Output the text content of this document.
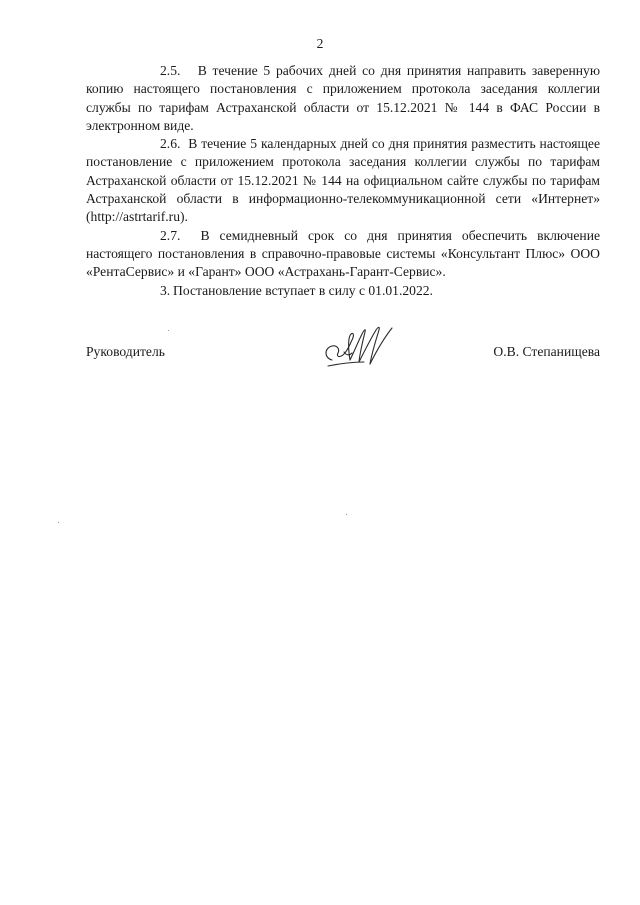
2

2.5. В течение 5 рабочих дней со дня принятия направить заверенную копию настоящего постановления с приложением протокола заседания коллегии службы по тарифам Астраханской области от 15.12.2021 № 144 в ФАС России в электронном виде.

2.6. В течение 5 календарных дней со дня принятия разместить настоящее постановление с приложением протокола заседания коллегии службы по тарифам Астраханской области от 15.12.2021 № 144 на официальном сайте службы по тарифам Астраханской области в информационно-телекоммуникационной сети «Интернет» (http://astrtarif.ru).

2.7. В семидневный срок со дня принятия обеспечить включение настоящего постановления в справочно-правовые системы «Консультант Плюс» ООО «РентаСервис» и «Гарант» ООО «Астрахань-Гарант-Сервис».

3. Постановление вступает в силу с 01.01.2022.

Руководитель	О.В. Степанищева
